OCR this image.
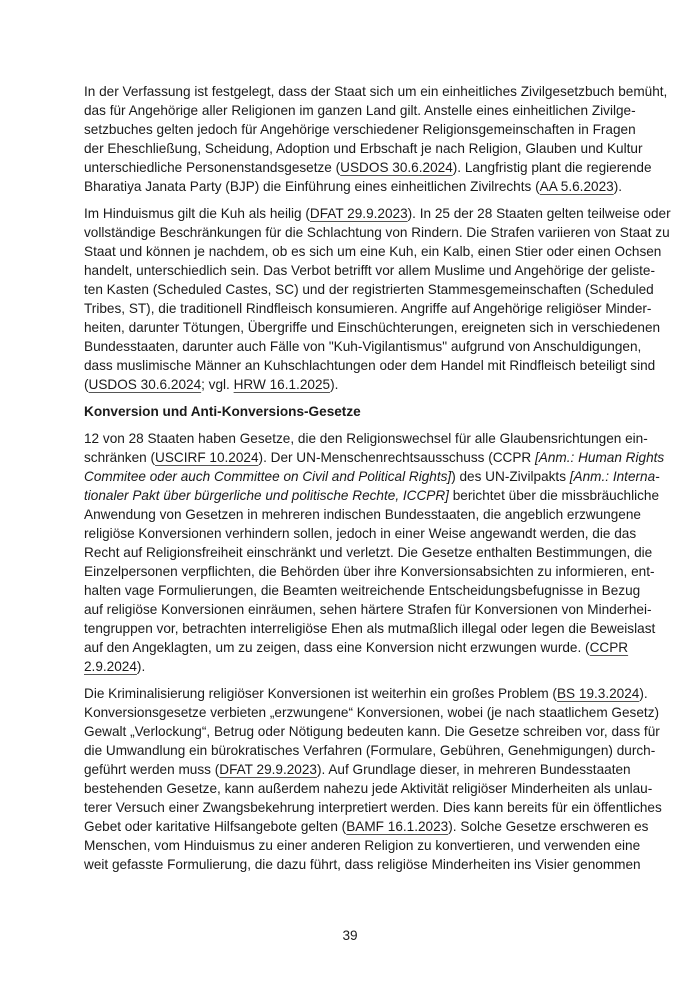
In der Verfassung ist festgelegt, dass der Staat sich um ein einheitliches Zivilgesetzbuch bemüht,
das für Angehörige aller Religionen im ganzen Land gilt. Anstelle eines einheitlichen Zivilge-
setzbuches gelten jedoch für Angehörige verschiedener Religionsgemeinschaften in Fragen
der Eheschließung, Scheidung, Adoption und Erbschaft je nach Religion, Glauben und Kultur
unterschiedliche Personenstandsgesetze (USDOS 30.6.2024). Langfristig plant die regierende
Bharatiya Janata Party (BJP) die Einführung eines einheitlichen Zivilrechts (AA 5.6.2023).
Im Hinduismus gilt die Kuh als heilig (DFAT 29.9.2023). In 25 der 28 Staaten gelten teilweise oder
vollständige Beschränkungen für die Schlachtung von Rindern. Die Strafen variieren von Staat zu
Staat und können je nachdem, ob es sich um eine Kuh, ein Kalb, einen Stier oder einen Ochsen
handelt, unterschiedlich sein. Das Verbot betrifft vor allem Muslime und Angehörige der geliste-
ten Kasten (Scheduled Castes, SC) und der registrierten Stammesgemeinschaften (Scheduled
Tribes, ST), die traditionell Rindfleisch konsumieren. Angriffe auf Angehörige religiöser Minder-
heiten, darunter Tötungen, Übergriffe und Einschüchterungen, ereigneten sich in verschiedenen
Bundesstaaten, darunter auch Fälle von "Kuh-Vigilantismus" aufgrund von Anschuldigungen,
dass muslimische Männer an Kuhschlachtungen oder dem Handel mit Rindfleisch beteiligt sind
(USDOS 30.6.2024; vgl. HRW 16.1.2025).
Konversion und Anti-Konversions-Gesetze
12 von 28 Staaten haben Gesetze, die den Religionswechsel für alle Glaubensrichtungen ein-
schränken (USCIRF 10.2024). Der UN-Menschenrechtsausschuss (CCPR [Anm.: Human Rights
Commitee oder auch Committee on Civil and Political Rights]) des UN-Zivilpakts [Anm.: Interna-
tionaler Pakt über bürgerliche und politische Rechte, ICCPR] berichtet über die missbräuchliche
Anwendung von Gesetzen in mehreren indischen Bundesstaaten, die angeblich erzwungene
religiöse Konversionen verhindern sollen, jedoch in einer Weise angewandt werden, die das
Recht auf Religionsfreiheit einschränkt und verletzt. Die Gesetze enthalten Bestimmungen, die
Einzelpersonen verpflichten, die Behörden über ihre Konversionsabsichten zu informieren, ent-
halten vage Formulierungen, die Beamten weitreichende Entscheidungsbefugnisse in Bezug
auf religiöse Konversionen einräumen, sehen härtere Strafen für Konversionen von Minderhei-
tengruppen vor, betrachten interreligiöse Ehen als mutmaßlich illegal oder legen die Beweislast
auf den Angeklagten, um zu zeigen, dass eine Konversion nicht erzwungen wurde. (CCPR
2.9.2024).
Die Kriminalisierung religiöser Konversionen ist weiterhin ein großes Problem (BS 19.3.2024).
Konversionsgesetze verbieten „erzwungene“ Konversionen, wobei (je nach staatlichem Gesetz)
Gewalt „Verlockung“, Betrug oder Nötigung bedeuten kann. Die Gesetze schreiben vor, dass für
die Umwandlung ein bürokratisches Verfahren (Formulare, Gebühren, Genehmigungen) durch-
geführt werden muss (DFAT 29.9.2023). Auf Grundlage dieser, in mehreren Bundesstaaten
bestehenden Gesetze, kann außerdem nahezu jede Aktivität religiöser Minderheiten als unlau-
terer Versuch einer Zwangsbekehrung interpretiert werden. Dies kann bereits für ein öffentliches
Gebet oder karitative Hilfsangebote gelten (BAMF 16.1.2023). Solche Gesetze erschweren es
Menschen, vom Hinduismus zu einer anderen Religion zu konvertieren, und verwenden eine
weit gefasste Formulierung, die dazu führt, dass religiöse Minderheiten ins Visier genommen
39
